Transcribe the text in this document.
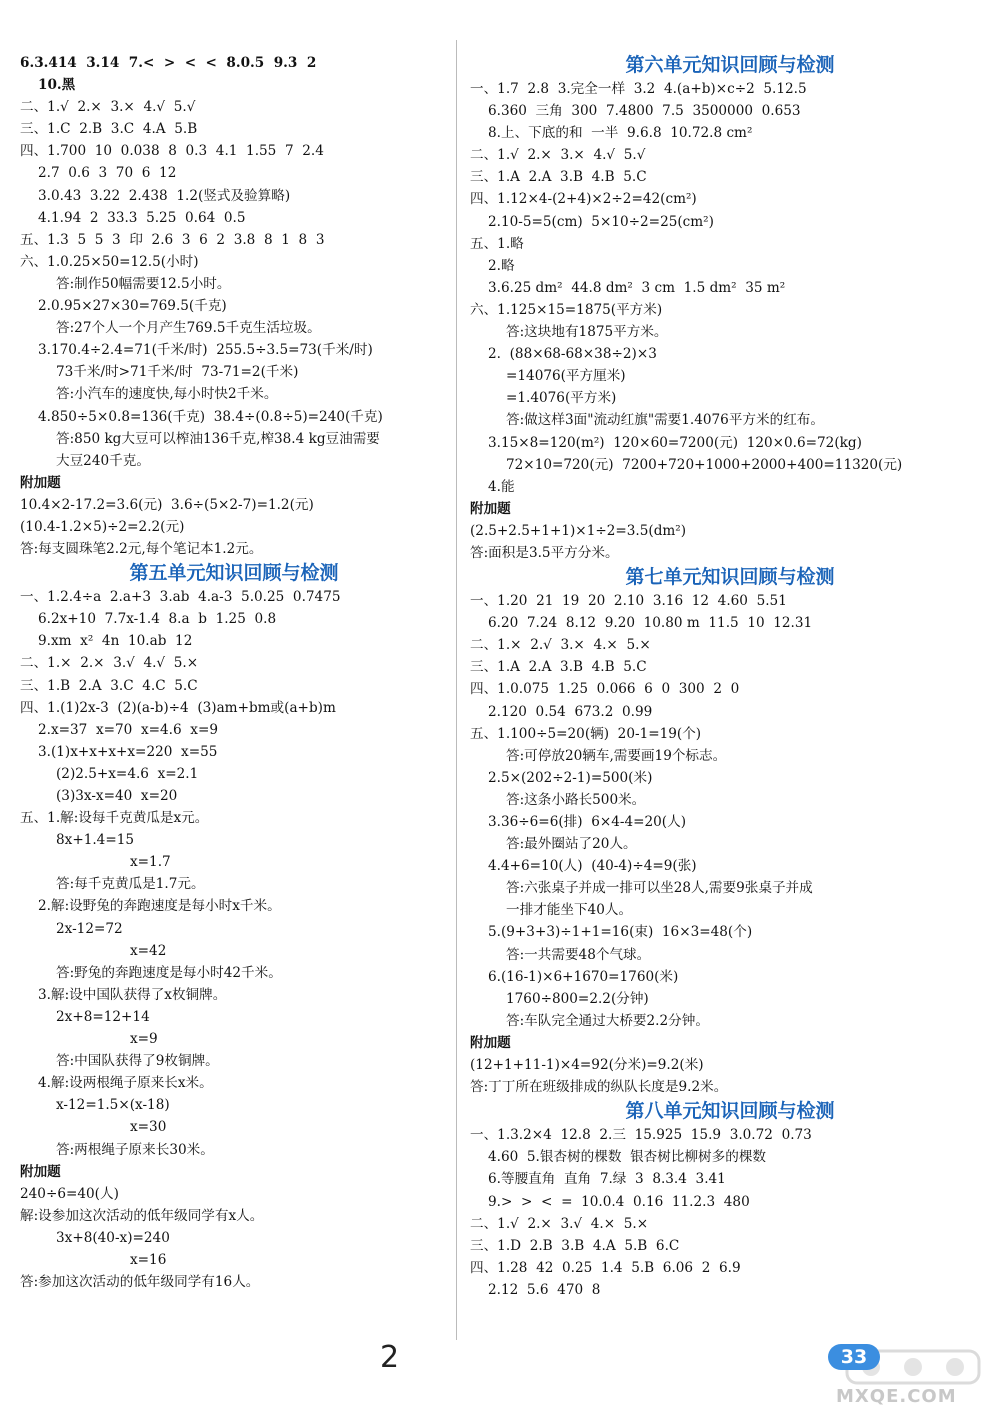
6.3.414  3.14  7.<  >  <  <  8.0.5  9.3  2
10.黑
二、1.√  2.×  3.×  4.√  5.√
三、1.C  2.B  3.C  4.A  5.B
四、1.700  10  0.038  8  0.3  4.1  1.55  7  2.4
2.7  0.6  3  70  6  12
3.0.43  3.22  2.438  1.2(竖式及验算略)
4.1.94  2  33.3  5.25  0.64  0.5
五、1.3  5  5  3  印  2.6  3  6  2  3.8  8  1  8  3
六、1.0.25×50=12.5(小时)
答:制作50幅需要12.5小时。
2.0.95×27×30=769.5(千克)
答:27个人一个月产生769.5千克生活垃圾。
3.170.4÷2.4=71(千米/时)  255.5÷3.5=73(千米/时)
73千米/时>71千米/时  73-71=2(千米)
答:小汽车的速度快,每小时快2千米。
4.850÷5×0.8=136(千克)  38.4÷(0.8÷5)=240(千克)
答:850 kg大豆可以榨油136千克,榨38.4 kg豆油需要
大豆240千克。
附加题
10.4×2-17.2=3.6(元)  3.6÷(5×2-7)=1.2(元)
(10.4-1.2×5)÷2=2.2(元)
答:每支圆珠笔2.2元,每个笔记本1.2元。
第五单元知识回顾与检测
一、1.2.4÷a  2.a+3  3.ab  4.a-3  5.0.25  0.7475
6.2x+10  7.7x-1.4  8.a  b  1.25  0.8
9.xm  x²  4n  10.ab  12
二、1.×  2.×  3.√  4.√  5.×
三、1.B  2.A  3.C  4.C  5.C
四、1.(1)2x-3  (2)(a-b)÷4  (3)am+bm或(a+b)m
2.x=37  x=70  x=4.6  x=9
3.(1)x+x+x+x=220  x=55
(2)2.5+x=4.6  x=2.1
(3)3x-x=40  x=20
五、1.解:设每千克黄瓜是x元。
8x+1.4=15
x=1.7
答:每千克黄瓜是1.7元。
2.解:设野兔的奔跑速度是每小时x千米。
2x-12=72
x=42
答:野兔的奔跑速度是每小时42千米。
3.解:设中国队获得了x枚铜牌。
2x+8=12+14
x=9
答:中国队获得了9枚铜牌。
4.解:设两根绳子原来长x米。
x-12=1.5×(x-18)
x=30
答:两根绳子原来长30米。
附加题
240÷6=40(人)
解:设参加这次活动的低年级同学有x人。
3x+8(40-x)=240
x=16
答:参加这次活动的低年级同学有16人。
第六单元知识回顾与检测
一、1.7  2.8  3.完全一样  3.2  4.(a+b)×c÷2  5.12.5
6.360  三角  300  7.4800  7.5  3500000  0.653
8.上、下底的和  一半  9.6.8  10.72.8 cm²
二、1.√  2.×  3.×  4.√  5.√
三、1.A  2.A  3.B  4.B  5.C
四、1.12×4-(2+4)×2÷2=42(cm²)
2.10-5=5(cm)  5×10÷2=25(cm²)
五、1.略
2.略
3.6.25 dm²  44.8 dm²  3 cm  1.5 dm²  35 m²
六、1.125×15=1875(平方米)
答:这块地有1875平方米。
2.  (88×68-68×38÷2)×3
=14076(平方厘米)
=1.4076(平方米)
答:做这样3面"流动红旗"需要1.4076平方米的红布。
3.15×8=120(m²)  120×60=7200(元)  120×0.6=72(kg)
72×10=720(元)  7200+720+1000+2000+400=11320(元)
4.能
附加题
(2.5+2.5+1+1)×1÷2=3.5(dm²)
答:面积是3.5平方分米。
第七单元知识回顾与检测
一、1.20  21  19  20  2.10  3.16  12  4.60  5.51
6.20  7.24  8.12  9.20  10.80 m  11.5  10  12.31
二、1.×  2.√  3.×  4.×  5.×
三、1.A  2.A  3.B  4.B  5.C
四、1.0.075  1.25  0.066  6  0  300  2  0
2.120  0.54  673.2  0.99
五、1.100÷5=20(辆)  20-1=19(个)
答:可停放20辆车,需要画19个标志。
2.5×(202÷2-1)=500(米)
答:这条小路长500米。
3.36÷6=6(排)  6×4-4=20(人)
答:最外圈站了20人。
4.4+6=10(人)  (40-4)÷4=9(张)
答:六张桌子并成一排可以坐28人,需要9张桌子并成
一排才能坐下40人。
5.(9+3+3)÷1+1=16(束)  16×3=48(个)
答:一共需要48个气球。
6.(16-1)×6+1670=1760(米)
1760÷800=2.2(分钟)
答:车队完全通过大桥要2.2分钟。
附加题
(12+1+11-1)×4=92(分米)=9.2(米)
答:丁丁所在班级排成的纵队长度是9.2米。
第八单元知识回顾与检测
一、1.3.2×4  12.8  2.三  15.925  15.9  3.0.72  0.73
4.60  5.银杏树的棵数  银杏树比柳树多的棵数
6.等腰直角  直角  7.绿  3  8.3.4  3.41
9.>  >  <  =  10.0.4  0.16  11.2.3  480
二、1.√  2.×  3.√  4.×  5.×
三、1.D  2.B  3.B  4.A  5.B  6.C
四、1.28  42  0.25  1.4  5.B  6.06  2  6.9
2.12  5.6  470  8
2	33
MXQE.COM
